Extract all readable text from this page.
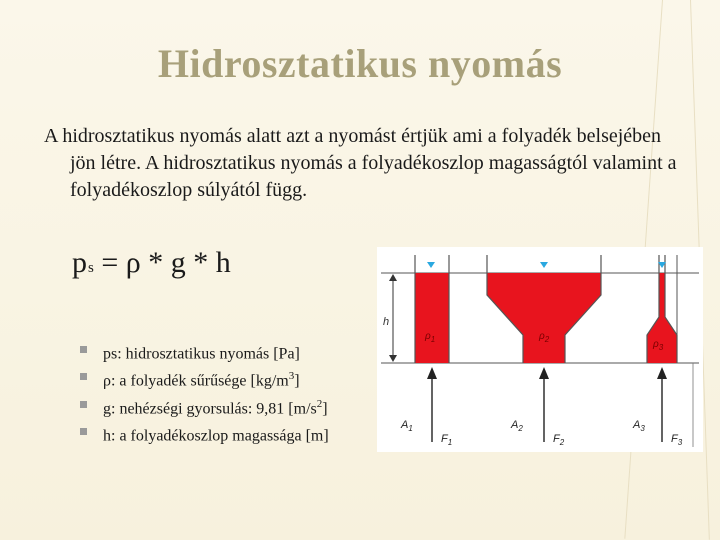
Hidrosztatikus nyomás
A hidrosztatikus nyomás alatt azt a nyomást értjük ami a folyadék belsejében jön létre. A hidrosztatikus nyomás a folyadékoszlop magasságtól valamint a folyadékoszlop súlyától függ.
ps = ρ * g * h
ps: hidrosztatikus nyomás [Pa]
ρ: a folyadék sűrűsége $[kg/m^3]$
g: nehézségi gyorsulás: 9,81 $[m/s^2]$
h: a folyadékoszlop magassága [m]
h
$\rho_1$	$\rho_2$	$\rho_3$
$A_1$	$A_2$	$A_3$
$F_1$	$F_2$	$F_3$
